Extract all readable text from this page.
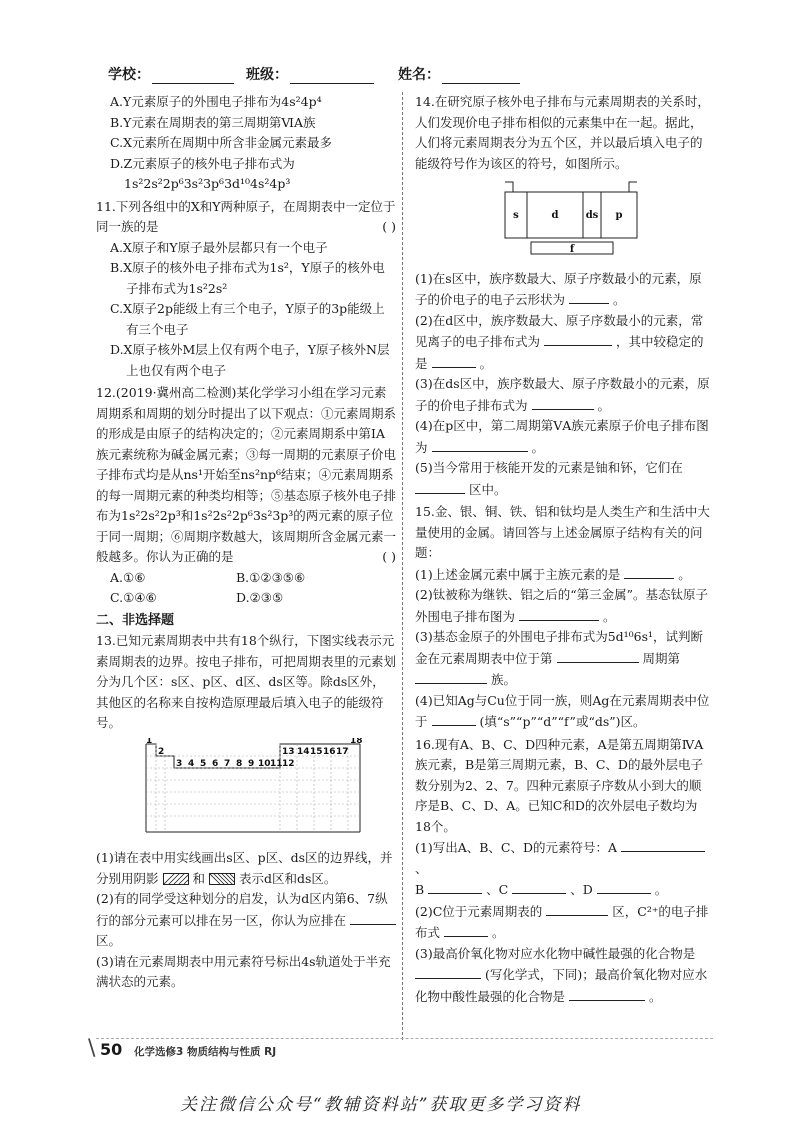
学校：	班级：	姓名：

A.Y元素原子的外围电子排布为4s²4p⁴

B.Y元素在周期表的第三周期第ⅥA族

C.X元素所在周期中所含非金属元素最多

D.Z元素原子的核外电子排布式为

1s²2s²2p⁶3s²3p⁶3d¹⁰4s²4p³

11.下列各组中的X和Y两种原子，在周期表中一定位于同一族的是	( )

A.X原子和Y原子最外层都只有一个电子

B.X原子的核外电子排布式为1s²，Y原子的核外电子排布式为1s²2s²

C.X原子2p能级上有三个电子，Y原子的3p能级上有三个电子

D.X原子核外M层上仅有两个电子，Y原子核外N层上也仅有两个电子

12.(2019·冀州高二检测)某化学学习小组在学习元素周期系和周期的划分时提出了以下观点：①元素周期系的形成是由原子的结构决定的；②元素周期系中第ⅠA族元素统称为碱金属元素；③每一周期的元素原子价电子排布式均是从ns¹开始至ns²np⁶结束；④元素周期系的每一周期元素的种类均相等；⑤基态原子核外电子排布为1s²2s²2p³和1s²2s²2p⁶3s²3p³的两元素的原子位于同一周期；⑥周期序数越大，该周期所含金属元素一般越多。你认为正确的是	( )

A.①⑥	B.①②③⑤⑥
C.①④⑥	D.②③⑤

二、非选择题

13.已知元素周期表中共有18个纵行，下图实线表示元素周期表的边界。按电子排布，可把周期表里的元素划分为几个区：s区、p区、d区、ds区等。除ds区外，其他区的名称来自按构造原理最后填入电子的能级符号。

1
2
3 4 5 6 7 8 9 10 11 12
13 14 15 16 17
18

(1)请在表中用实线画出s区、p区、ds区的边界线，并分别用阴影	和	表示d区和ds区。

(2)有的同学受这种划分的启发，认为d区内第6、7纵行的部分元素可以排在另一区，你认为应排在  区。

(3)请在元素周期表中用元素符号标出4s轨道处于半充满状态的元素。

14.在研究原子核外电子排布与元素周期表的关系时，人们发现价电子排布相似的元素集中在一起。据此，人们将元素周期表分为五个区，并以最后填入电子的能级符号作为该区的符号，如图所示。

s	d	ds p
f

(1)在s区中，族序数最大、原子序数最小的元素，原子的价电子的电子云形状为	。

(2)在d区中，族序数最大、原子序数最小的元素，常见离子的电子排布式为	，其中较稳定的是	。

(3)在ds区中，族序数最大、原子序数最小的元素，原子的价电子排布式为	。

(4)在p区中，第二周期第ⅤA族元素原子价电子排布图为	。

(5)当今常用于核能开发的元素是铀和钚，它们在  区中。

15.金、银、铜、铁、铝和钛均是人类生产和生活中大量使用的金属。请回答与上述金属原子结构有关的问题：

(1)上述金属元素中属于主族元素的是	。

(2)钛被称为继铁、铝之后的“第三金属”。基态钛原子外围电子排布图为	。

(3)基态金原子的外围电子排布式为5d¹⁰6s¹，试判断金在元素周期表中位于第	周期第  族。

(4)已知Ag与Cu位于同一族，则Ag在元素周期表中位于	(填“s”“p”“d”“f”或“ds”)区。

16.现有A、B、C、D四种元素，A是第五周期第ⅣA族元素，B是第三周期元素，B、C、D的最外层电子数分别为2、2、7。四种元素原子序数从小到大的顺序是B、C、D、A。已知C和D的次外层电子数均为18个。

(1)写出A、B、C、D的元素符号：A  、
B	、C	、D	。

(2)C位于元素周期表的	区，C²⁺的电子排布式	。

(3)最高价氧化物对应水化物中碱性最强的化合物是  (写化学式，下同)；最高价氧化物对应水化物中酸性最强的化合物是	。

\ 50 化学选修3 物质结构与性质 RJ
关注微信公众号“教辅资料站”获取更多学习资料
